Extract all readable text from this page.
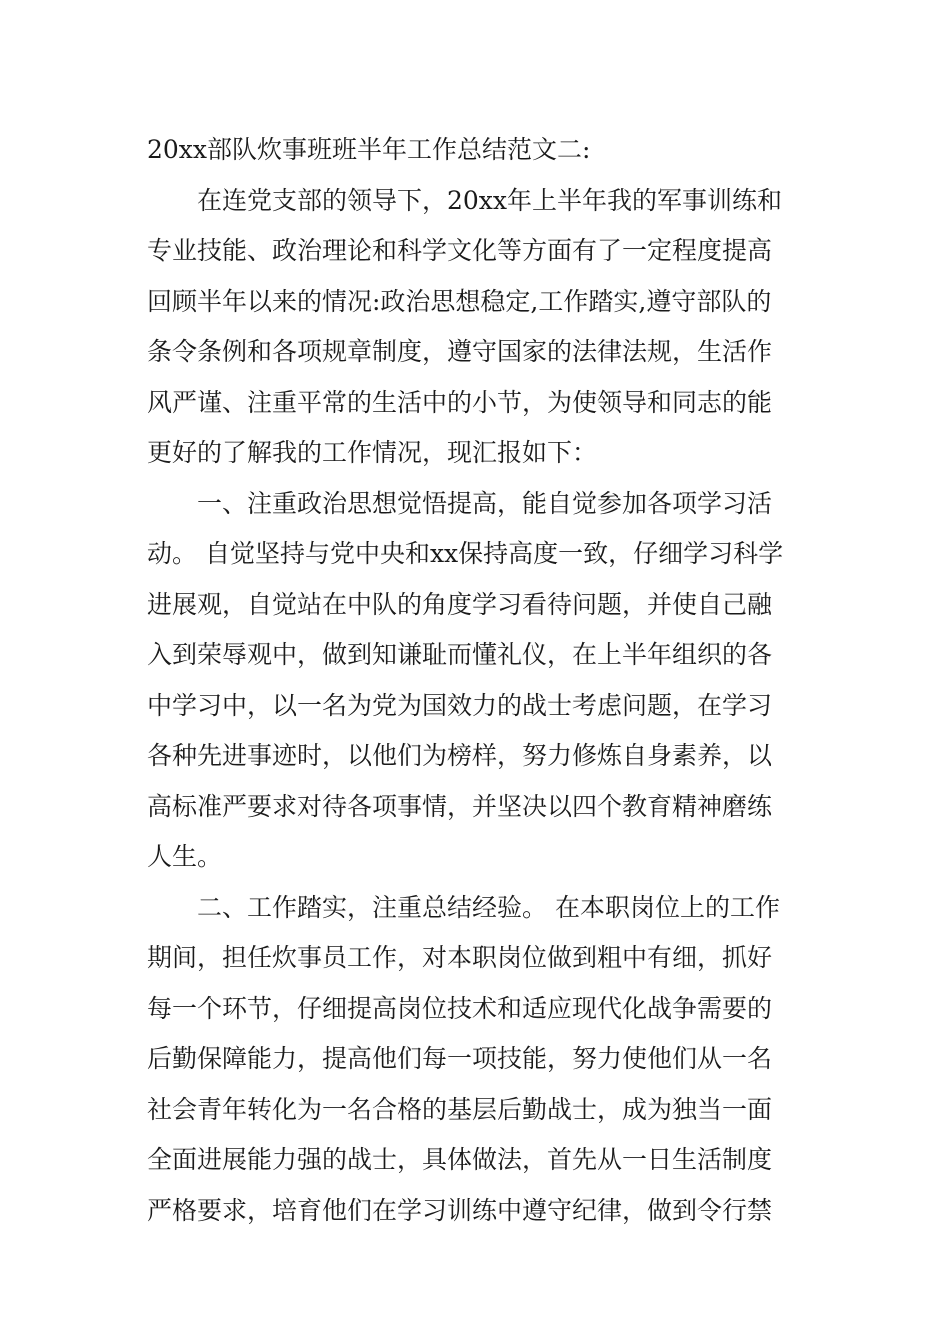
20xx部队炊事班班半年工作总结范文二:
在连党支部的领导下，20xx年上半年我的军事训练和
专业技能、政治理论和科学文化等方面有了一定程度提高
回顾半年以来的情况:政治思想稳定,工作踏实,遵守部队的
条令条例和各项规章制度，遵守国家的法律法规，生活作
风严谨、注重平常的生活中的小节，为使领导和同志的能
更好的了解我的工作情况，现汇报如下：
一、注重政治思想觉悟提高，能自觉参加各项学习活
动。 自觉坚持与党中央和xx保持高度一致，仔细学习科学
进展观，自觉站在中队的角度学习看待问题，并使自己融
入到荣辱观中，做到知谦耻而懂礼仪，在上半年组织的各
中学习中，以一名为党为国效力的战士考虑问题，在学习
各种先进事迹时，以他们为榜样，努力修炼自身素养，以
高标准严要求对待各项事情，并坚决以四个教育精神磨练
人生。
二、工作踏实，注重总结经验。 在本职岗位上的工作
期间，担任炊事员工作，对本职岗位做到粗中有细，抓好
每一个环节，仔细提高岗位技术和适应现代化战争需要的
后勤保障能力，提高他们每一项技能，努力使他们从一名
社会青年转化为一名合格的基层后勤战士，成为独当一面
全面进展能力强的战士，具体做法，首先从一日生活制度
严格要求，培育他们在学习训练中遵守纪律，做到令行禁
